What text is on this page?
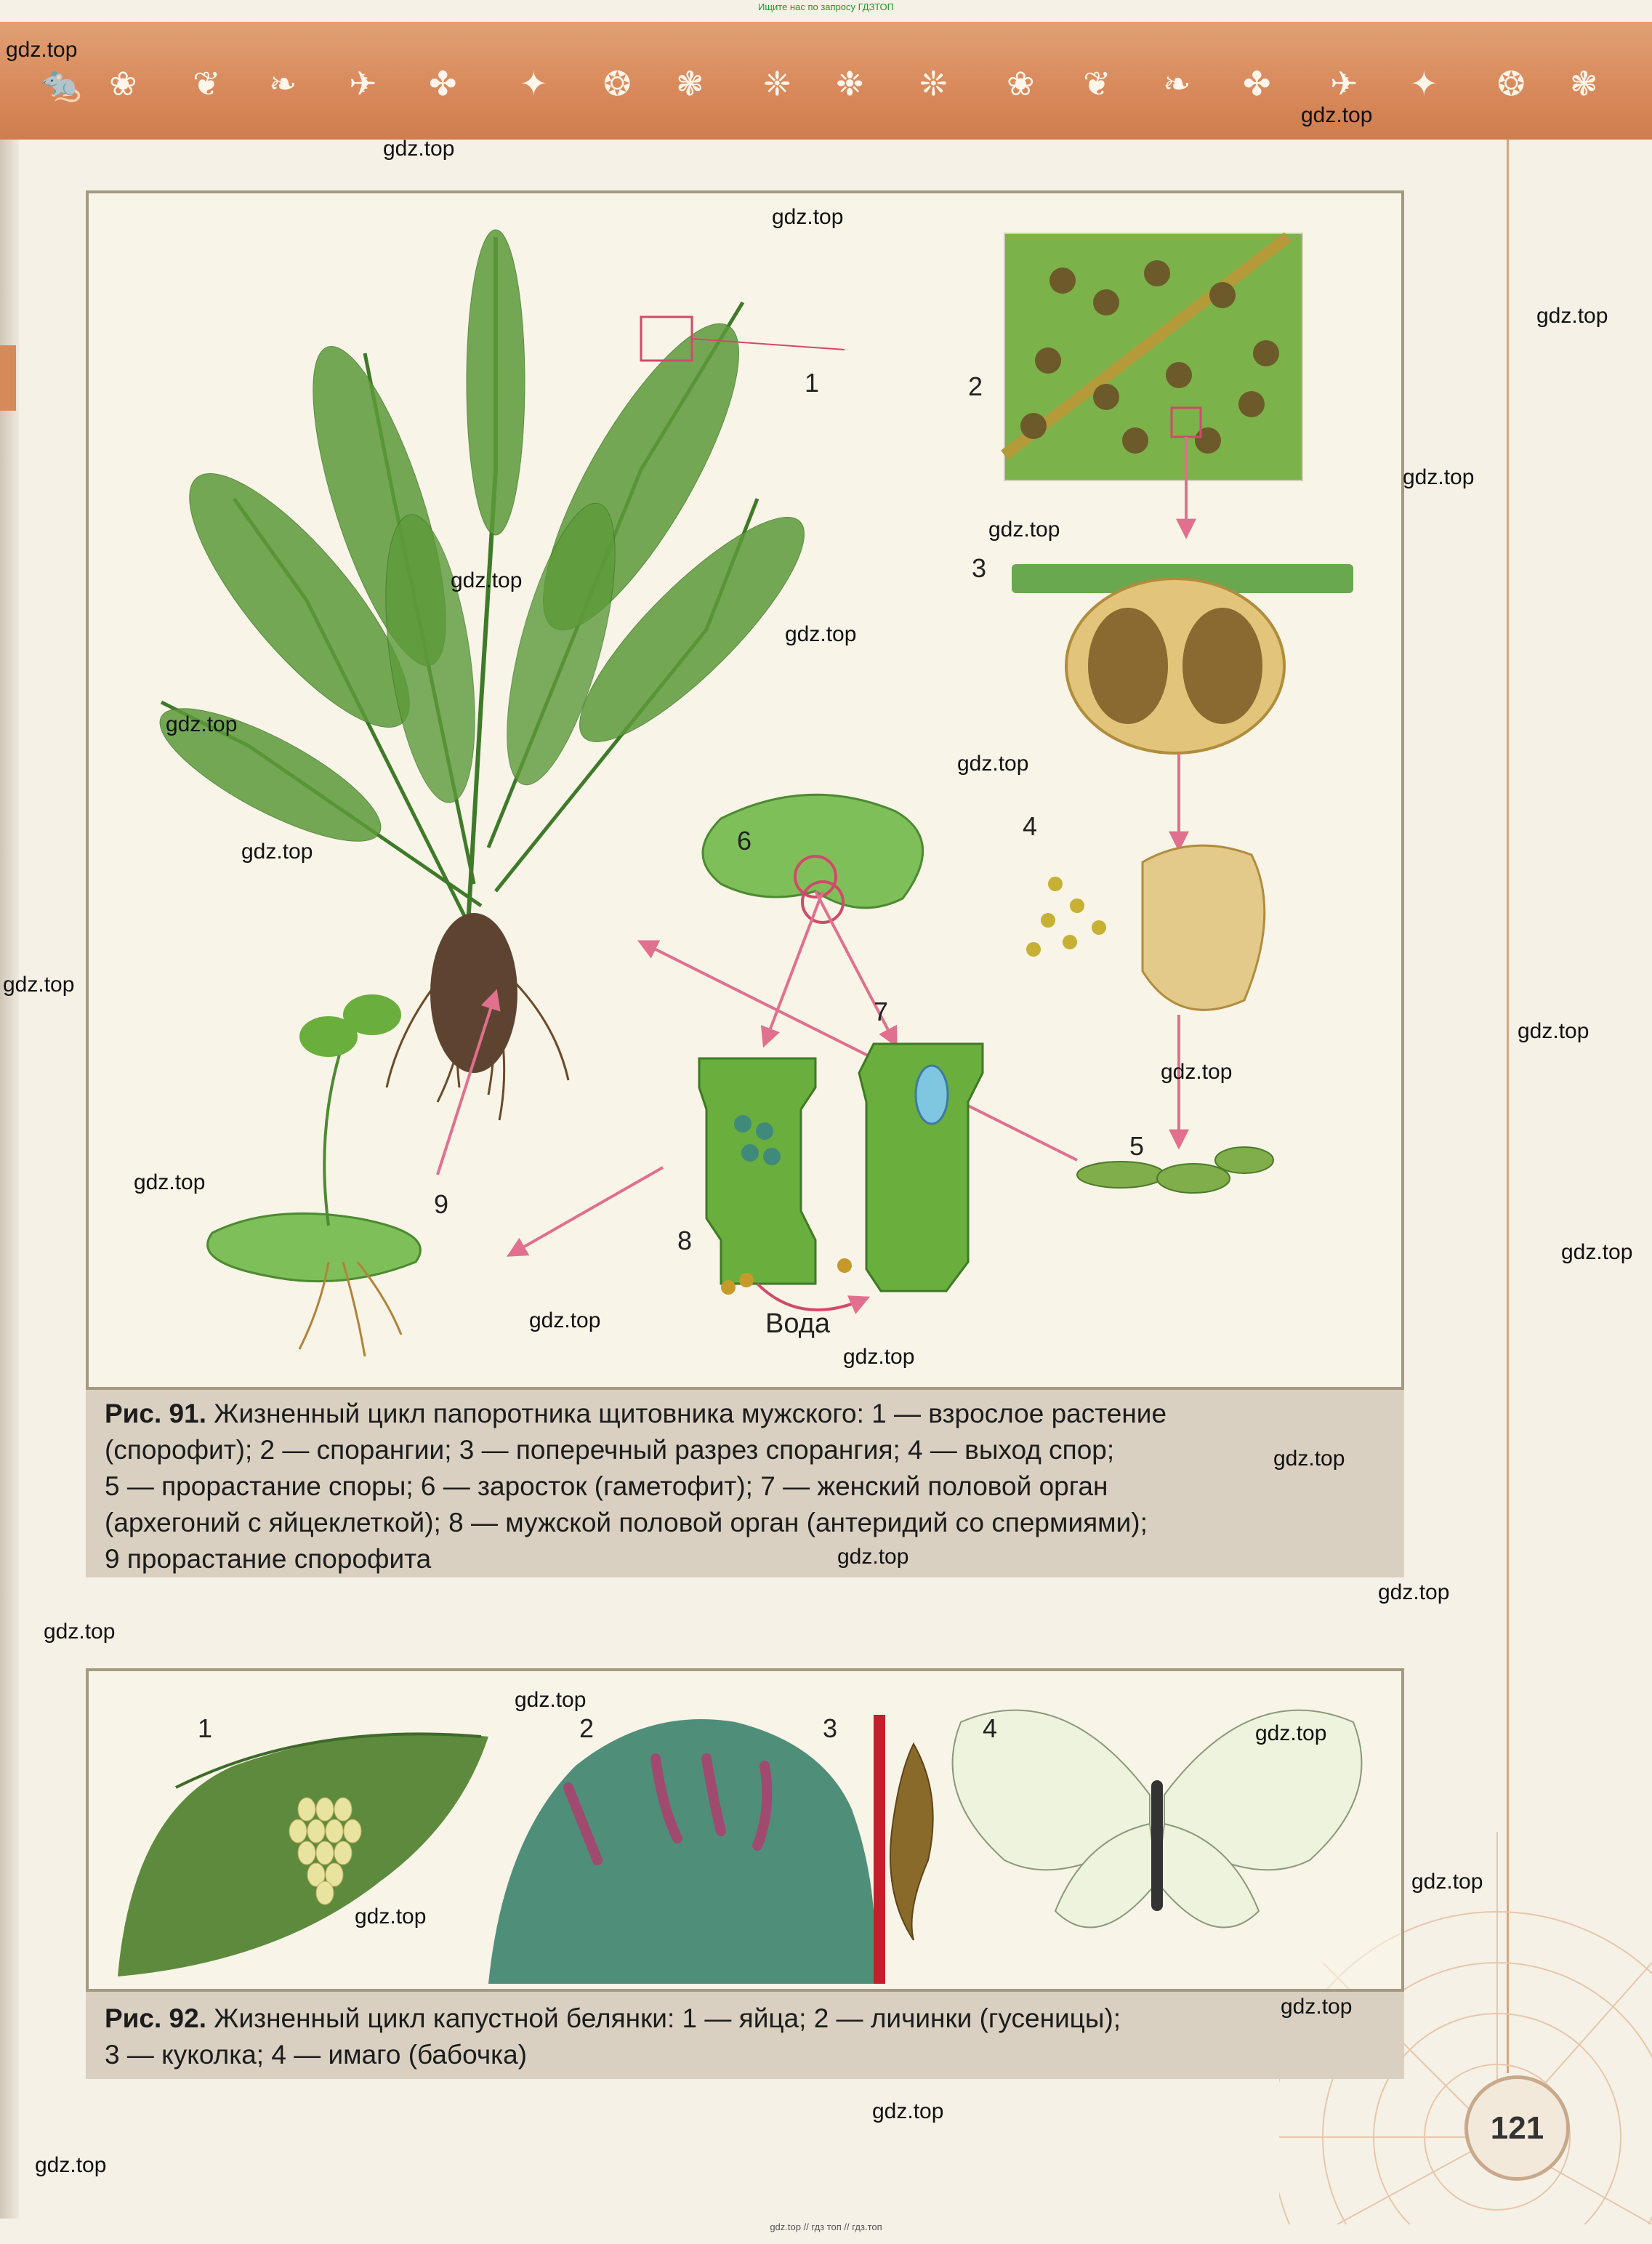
Ищите нас по запросу ГДЗТОП
🐀 ❀ ❦ ❧ ✈ ✤ ✦ ❂ ❃ ❈ ❉ ❊ ❀ ❦ ❧ ✤ ✈ ✦ ❂ ❃
1	2
3
4
5
6
7
8
9
Вода
Рис. 91. Жизненный цикл папоротника щитовника мужского: 1 — взрослое растение
(спорофит); 2 — спорангии; 3 — поперечный разрез спорангия; 4 — выход спор;
5 — прорастание споры; 6 — заросток (гаметофит); 7 — женский половой орган
(архегоний с яйцеклеткой); 8 — мужской половой орган (антеридий со спермиями);
9 прорастание спорофита
1	2	3	4
Рис. 92. Жизненный цикл капустной белянки: 1 — яйца; 2 — личинки (гусеницы);
3 — куколка; 4 — имаго (бабочка)
121
gdz.top
gdz.top
gdz.top
gdz.top
gdz.top
gdz.top
gdz.top
gdz.top
gdz.top
gdz.top
gdz.top
gdz.top
gdz.top
gdz.top
gdz.top
gdz.top
gdz.top
gdz.top
gdz.top
gdz.top
gdz.top
gdz.top
gdz.top
gdz.top
gdz.top
gdz.top
gdz.top
gdz.top
gdz.top
gdz.top
gdz.top // гдз топ // гдз.топ
